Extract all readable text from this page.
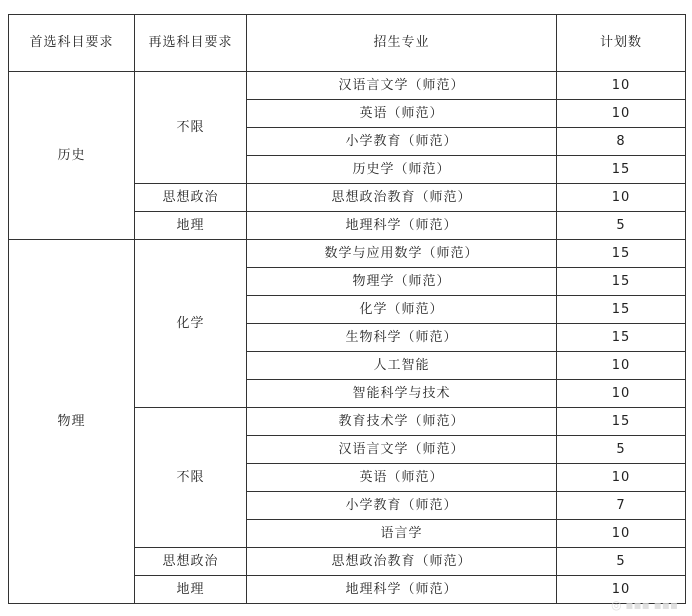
首选科目要求	再选科目要求	招生专业	计划数
历史	不限	汉语言文学（师范）	10
		英语（师范）	10
		小学教育（师范）	8
		历史学（师范）	15
	思想政治	思想政治教育（师范）	10
	地理	地理科学（师范）	5
物理	化学	数学与应用数学（师范）	15
		物理学（师范）	15
		化学（师范）	15
		生物科学（师范）	15
		人工智能	10
		智能科学与技术	10
	不限	教育技术学（师范）	15
		汉语言文学（师范）	5
		英语（师范）	10
		小学教育（师范）	7
		语言学	10
	思想政治	思想政治教育（师范）	5
	地理	地理科学（师范）	10
◎ ▪▪▪ ▪▪▪
